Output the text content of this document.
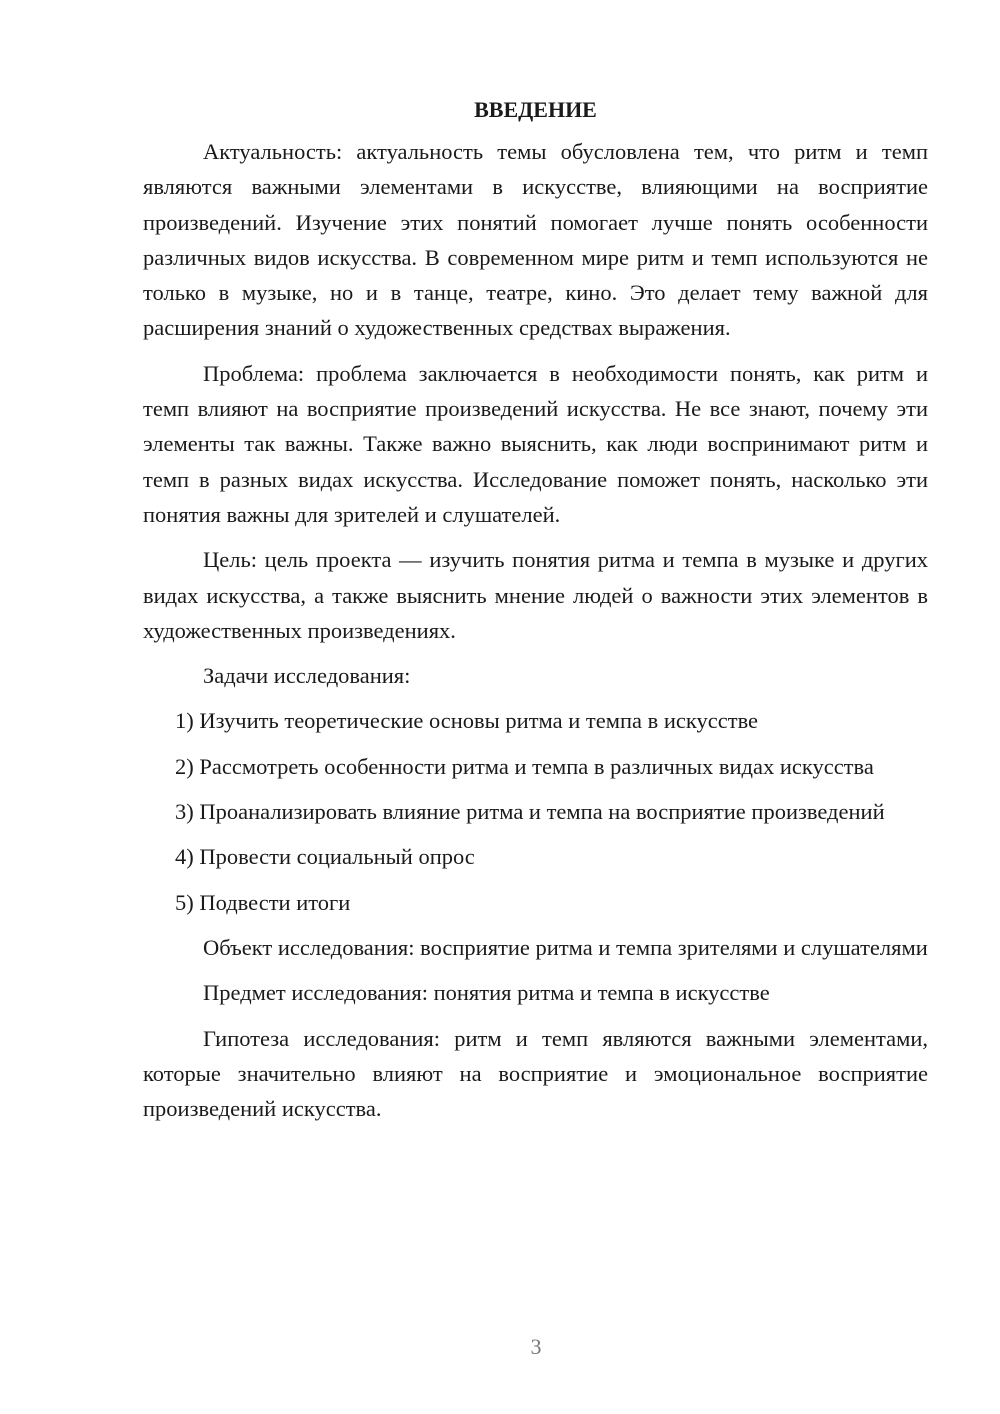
ВВЕДЕНИЕ

Актуальность: актуальность темы обусловлена тем, что ритм и темп являются важными элементами в искусстве, влияющими на восприятие произведений. Изучение этих понятий помогает лучше понять особенности различных видов искусства. В современном мире ритм и темп используются не только в музыке, но и в танце, театре, кино. Это делает тему важной для расширения знаний о художественных средствах выражения.

Проблема: проблема заключается в необходимости понять, как ритм и темп влияют на восприятие произведений искусства. Не все знают, почему эти элементы так важны. Также важно выяснить, как люди воспринимают ритм и темп в разных видах искусства. Исследование поможет понять, насколько эти понятия важны для зрителей и слушателей.

Цель: цель проекта — изучить понятия ритма и темпа в музыке и других видах искусства, а также выяснить мнение людей о важности этих элементов в художественных произведениях.

Задачи исследования:

1) Изучить теоретические основы ритма и темпа в искусстве

2) Рассмотреть особенности ритма и темпа в различных видах искусства

3) Проанализировать влияние ритма и темпа на восприятие произведений

4) Провести социальный опрос

5) Подвести итоги

Объект исследования: восприятие ритма и темпа зрителями и слушателями

Предмет исследования: понятия ритма и темпа в искусстве

Гипотеза исследования: ритм и темп являются важными элементами, которые значительно влияют на восприятие и эмоциональное восприятие произведений искусства.

3
